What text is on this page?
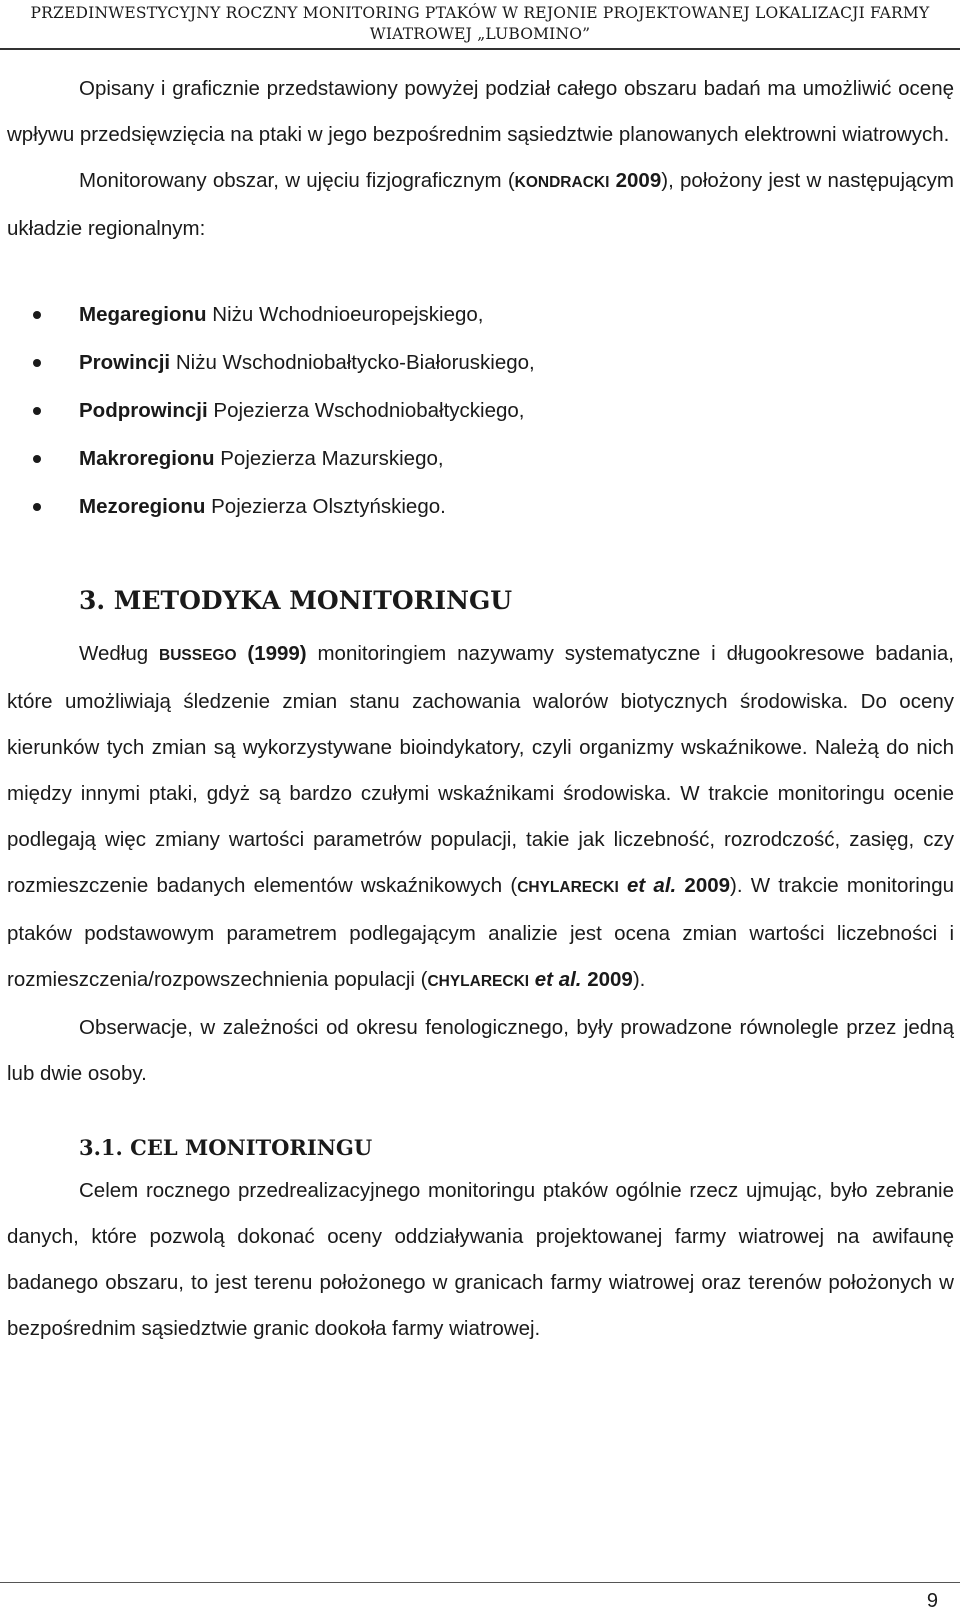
PRZEDINWESTYCYJNY ROCZNY MONITORING PTAKÓW W REJONIE PROJEKTOWANEJ LOKALIZACJI FARMY
WIATROWEJ „LUBOMINO”
Opisany i graficznie przedstawiony powyżej podział całego obszaru badań ma umożliwić ocenę wpływu przedsięwzięcia na ptaki w jego bezpośrednim sąsiedztwie planowanych elektrowni wiatrowych.
Monitorowany obszar, w ujęciu fizjograficznym (KONDRACKI 2009), położony jest w następującym układzie regionalnym:
Megaregionu Niżu Wchodnioeuropejskiego,
Prowincji Niżu Wschodniobałtycko-Białoruskiego,
Podprowincji Pojezierza Wschodniobałtyckiego,
Makroregionu Pojezierza Mazurskiego,
Mezoregionu Pojezierza Olsztyńskiego.
3. METODYKA MONITORINGU
Według BUSSEGO (1999) monitoringiem nazywamy systematyczne i długookresowe badania, które umożliwiają śledzenie zmian stanu zachowania walorów biotycznych środowiska. Do oceny kierunków tych zmian są wykorzystywane bioindykatory, czyli organizmy wskaźnikowe. Należą do nich między innymi ptaki, gdyż są bardzo czułymi wskaźnikami środowiska. W trakcie monitoringu ocenie podlegają więc zmiany wartości parametrów populacji, takie jak liczebność, rozrodczość, zasięg, czy rozmieszczenie badanych elementów wskaźnikowych (CHYLARECKI et al. 2009). W trakcie monitoringu ptaków podstawowym parametrem podlegającym analizie jest ocena zmian wartości liczebności i rozmieszczenia/rozpowszechnienia populacji (CHYLARECKI et al. 2009).
Obserwacje, w zależności od okresu fenologicznego, były prowadzone równolegle przez jedną lub dwie osoby.
3.1. CEL MONITORINGU
Celem rocznego przedrealizacyjnego monitoringu ptaków ogólnie rzecz ujmując, było zebranie danych, które pozwolą dokonać oceny oddziaływania projektowanej farmy wiatrowej na awifaunę badanego obszaru, to jest terenu położonego w granicach farmy wiatrowej oraz terenów położonych w bezpośrednim sąsiedztwie granic dookoła farmy wiatrowej.
9
